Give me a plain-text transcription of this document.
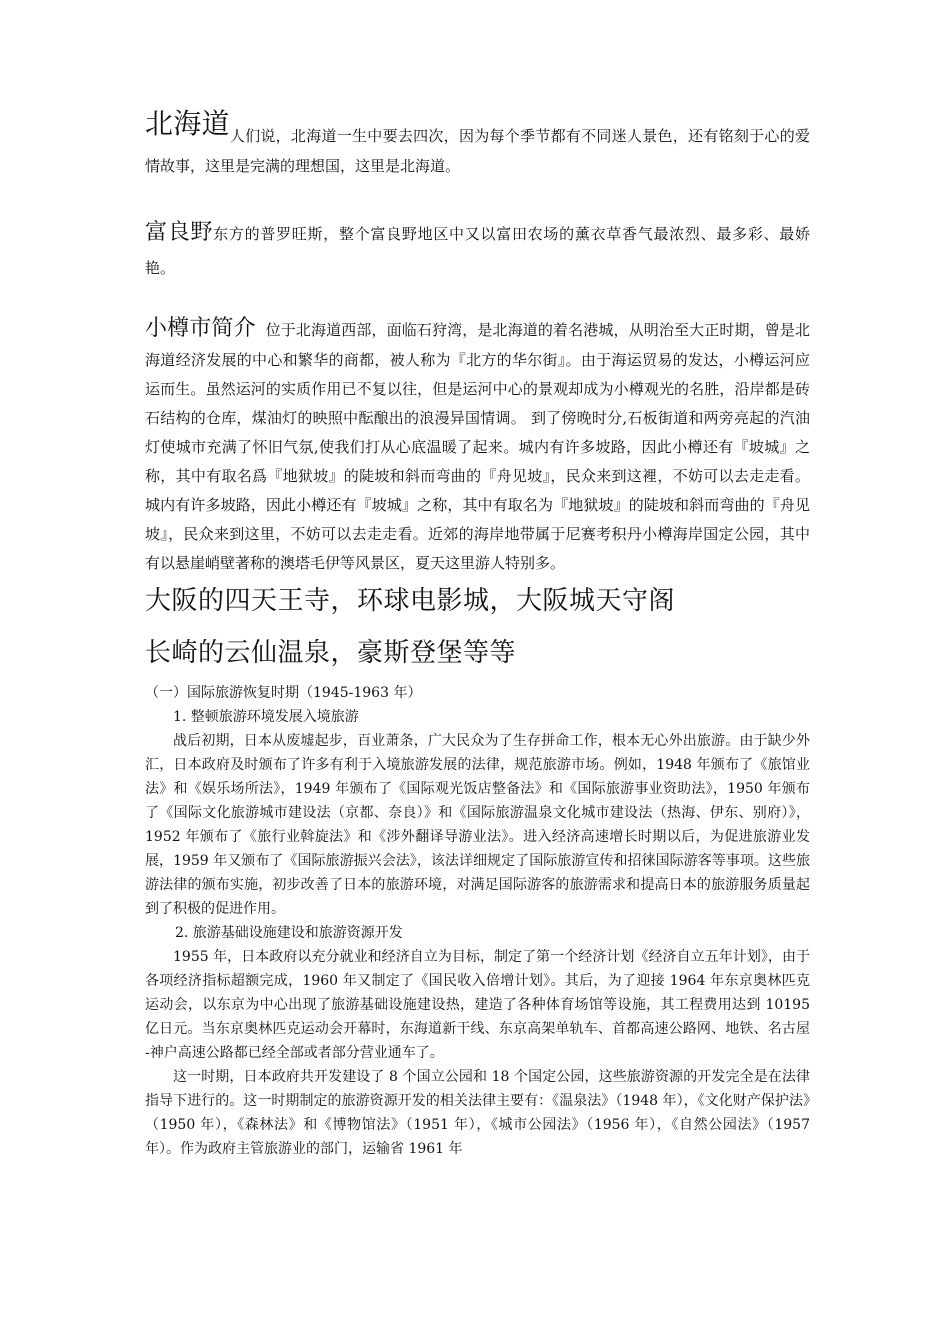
北海道人们说，北海道一生中要去四次，因为每个季节都有不同迷人景色，还有铭刻于心的爱情故事，这里是完满的理想国，这里是北海道。

富良野东方的普罗旺斯，整个富良野地区中又以富田农场的薰衣草香气最浓烈、最多彩、最娇艳。

小樽市简介 位于北海道西部，面临石狩湾，是北海道的着名港城，从明治至大正时期，曾是北海道经济发展的中心和繁华的商都，被人称为『北方的华尔街』。由于海运贸易的发达，小樽运河应运而生。虽然运河的实质作用已不复以往，但是运河中心的景观却成为小樽观光的名胜，沿岸都是砖石结构的仓库，煤油灯的映照中酝酿出的浪漫异国情调。 到了傍晚时分,石板街道和两旁亮起的汽油灯使城市充满了怀旧气氛,使我们打从心底温暖了起来。城内有许多坡路，因此小樽还有『坡城』之称，其中有取名爲『地狱坡』的陡坡和斜而弯曲的『舟见坡』，民众来到这裡，不妨可以去走走看。 城内有许多坡路，因此小樽还有『坡城』之称，其中有取名为『地狱坡』的陡坡和斜而弯曲的『舟见坡』，民众来到这里，不妨可以去走走看。近郊的海岸地带属于尼赛考积丹小樽海岸国定公园，其中有以悬崖峭壁著称的澳塔毛伊等风景区，夏天这里游人特别多。

大阪的四天王寺，环球电影城，大阪城天守阁
长崎的云仙温泉，豪斯登堡等等

（一）国际旅游恢复时期（1945-1963 年）

1. 整顿旅游环境发展入境旅游

战后初期，日本从废墟起步，百业萧条，广大民众为了生存拼命工作，根本无心外出旅游。由于缺少外汇，日本政府及时颁布了许多有利于入境旅游发展的法律，规范旅游市场。例如，1948 年颁布了《旅馆业法》和《娱乐场所法》，1949 年颁布了《国际观光饭店整备法》和《国际旅游事业资助法》，1950 年颁布了《国际文化旅游城市建设法（京都、奈良）》和《国际旅游温泉文化城市建设法（热海、伊东、别府）》，1952 年颁布了《旅行业斡旋法》和《涉外翻译导游业法》。进入经济高速增长时期以后，为促进旅游业发展，1959 年又颁布了《国际旅游振兴会法》，该法详细规定了国际旅游宣传和招徕国际游客等事项。这些旅游法律的颁布实施，初步改善了日本的旅游环境，对满足国际游客的旅游需求和提高日本的旅游服务质量起到了积极的促进作用。

2. 旅游基础设施建设和旅游资源开发

1955 年，日本政府以充分就业和经济自立为目标，制定了第一个经济计划《经济自立五年计划》，由于各项经济指标超额完成，1960 年又制定了《国民收入倍增计划》。其后，为了迎接 1964 年东京奥林匹克运动会，以东京为中心出现了旅游基础设施建设热，建造了各种体育场馆等设施，其工程费用达到 10195 亿日元。当东京奥林匹克运动会开幕时，东海道新干线、东京高架单轨车、首都高速公路网、地铁、名古屋 -神户高速公路都已经全部或者部分营业通车了。

这一时期，日本政府共开发建设了 8 个国立公园和 18 个国定公园，这些旅游资源的开发完全是在法律指导下进行的。这一时期制定的旅游资源开发的相关法律主要有：《温泉法》（1948 年），《文化财产保护法》（1950 年），《森林法》和《博物馆法》（1951 年），《城市公园法》（1956 年），《自然公园法》（1957 年）。作为政府主管旅游业的部门，运输省 1961 年
